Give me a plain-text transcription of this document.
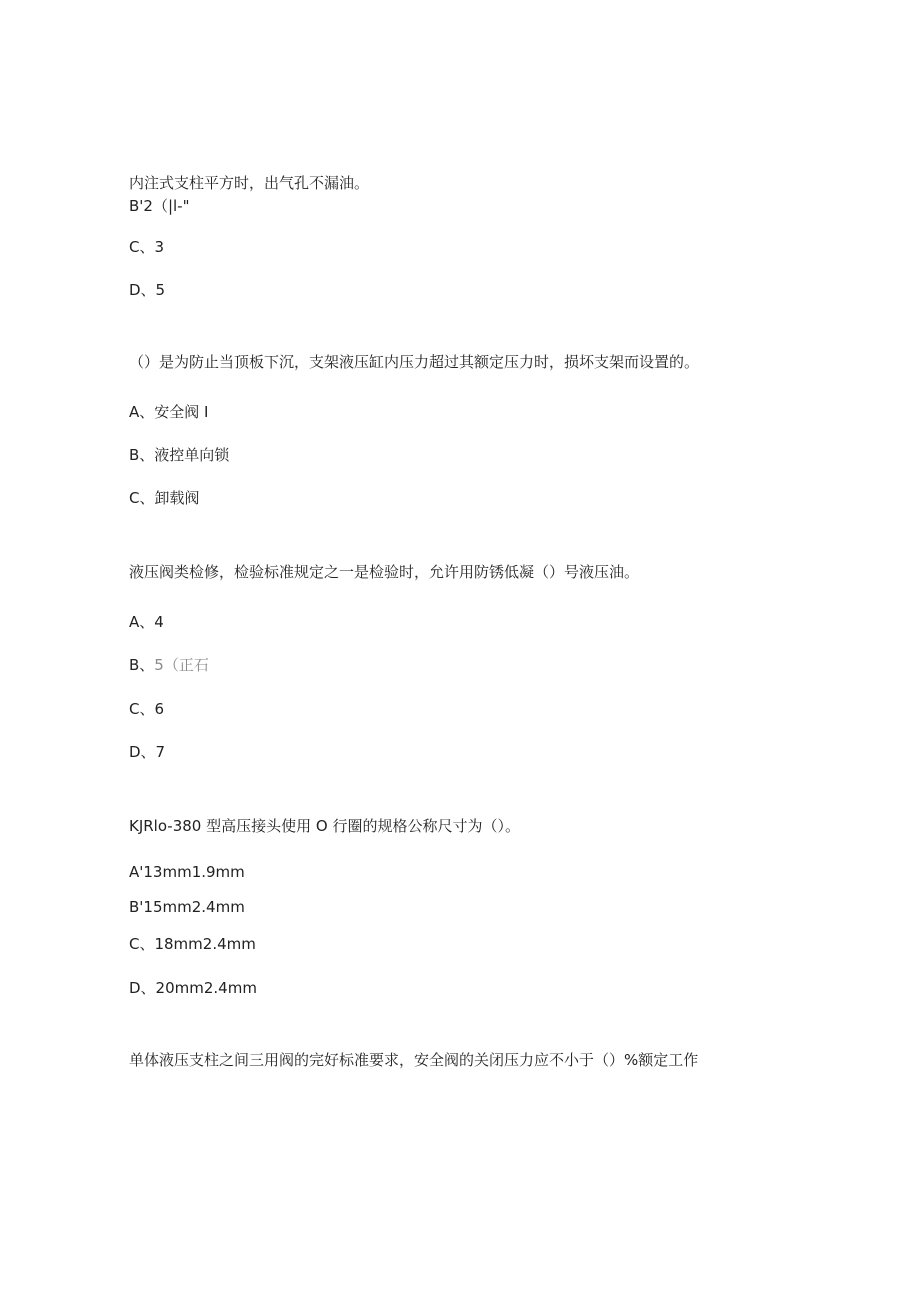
内注式支柱平方时，出气孔不漏油。
B'2（|l-"
C、3
D、5
（）是为防止当顶板下沉，支架液压缸内压力超过其额定压力时，损坏支架而设置的。
A、安全阀 I
B、液控单向锁
C、卸载阀
液压阀类检修，检验标准规定之一是检验时，允许用防锈低凝（）号液压油。
A、4
B、5（正石
C、6
D、7
KJRlo-380 型高压接头使用 O 行圈的规格公称尺寸为（）。
A'13mm1.9mm
B'15mm2.4mm
C、18mm2.4mm
D、20mm2.4mm
单体液压支柱之间三用阀的完好标准要求，安全阀的关闭压力应不小于（）%额定工作
